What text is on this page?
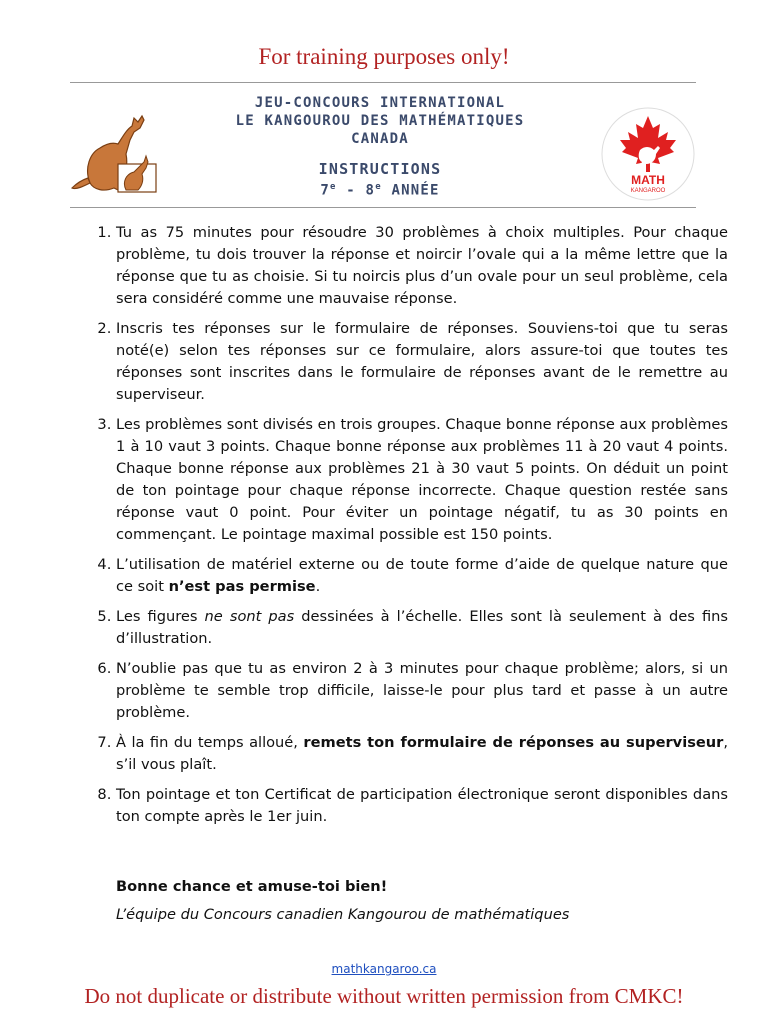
For training purposes only!
JEU-CONCOURS INTERNATIONAL
LE KANGOUROU DES MATHÉMATIQUES
CANADA
INSTRUCTIONS
7e - 8e ANNÉE
MATH
KANGAROO
1. Tu as 75 minutes pour résoudre 30 problèmes à choix multiples. Pour chaque problème, tu dois trouver la réponse et noircir l’ovale qui a la même lettre que la réponse que tu as choisie. Si tu noircis plus d’un ovale pour un seul problème, cela sera considéré comme une mauvaise réponse.
2. Inscris tes réponses sur le formulaire de réponses. Souviens-toi que tu seras noté(e) selon tes réponses sur ce formulaire, alors assure-toi que toutes tes réponses sont inscrites dans le formulaire de réponses avant de le remettre au superviseur.
3. Les problèmes sont divisés en trois groupes. Chaque bonne réponse aux problèmes 1 à 10 vaut 3 points. Chaque bonne réponse aux problèmes 11 à 20 vaut 4 points. Chaque bonne réponse aux problèmes 21 à 30 vaut 5 points. On déduit un point de ton pointage pour chaque réponse incorrecte. Chaque question restée sans réponse vaut 0 point. Pour éviter un pointage négatif, tu as 30 points en commençant. Le pointage maximal possible est 150 points.
4. L’utilisation de matériel externe ou de toute forme d’aide de quelque nature que ce soit n’est pas permise.
5. Les figures ne sont pas dessinées à l’échelle. Elles sont là seulement à des fins d’illustration.
6. N’oublie pas que tu as environ 2 à 3 minutes pour chaque problème; alors, si un problème te semble trop difficile, laisse-le pour plus tard et passe à un autre problème.
7. À la fin du temps alloué, remets ton formulaire de réponses au superviseur, s’il vous plaît.
8. Ton pointage et ton Certificat de participation électronique seront disponibles dans ton compte après le 1er juin.
Bonne chance et amuse-toi bien!
L’équipe du Concours canadien Kangourou de mathématiques
mathkangaroo.ca
Do not duplicate or distribute without written permission from CMKC!
